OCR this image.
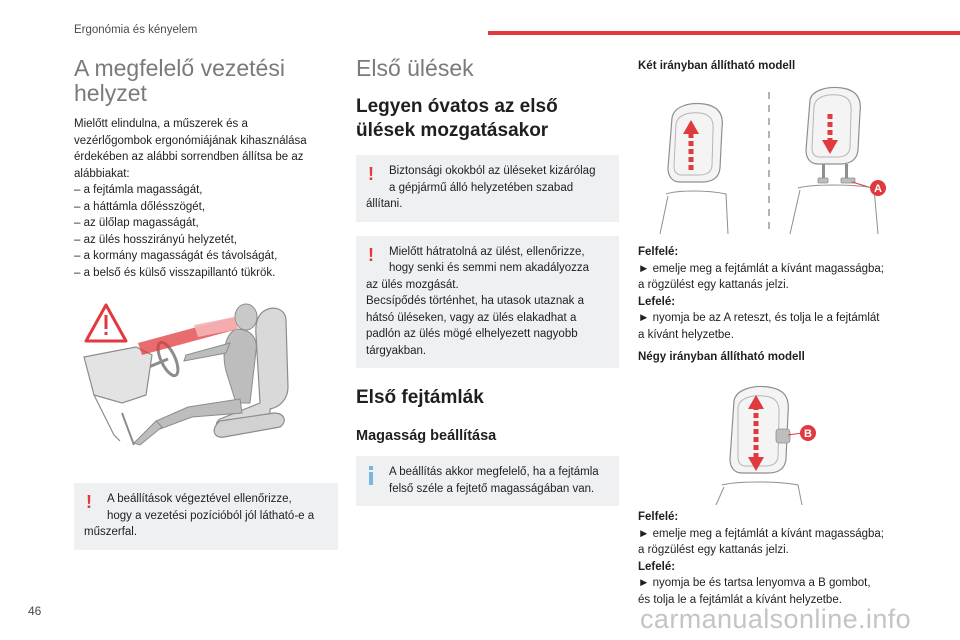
Ergonómia és kényelem
A megfelelő vezetési
helyzet
Mielőtt elindulna, a műszerek és a
vezérlőgombok ergonómiájának kihasználása
érdekében az alábbi sorrendben állítsa be az
alábbiakat:
– a fejtámla magasságát,
– a háttámla dőlésszögét,
– az ülőlap magasságát,
– az ülés hosszirányú helyzetét,
– a kormány magasságát és távolságát,
– a belső és külső visszapillantó tükrök.
! A beállítások végeztével ellenőrizze,

hogy a vezetési pozícióból jól látható-e a

műszerfal.

Első ülések
Legyen óvatos az első
ülések mozgatásakor
! Biztonsági okokból az üléseket kizárólag

a gépjármű álló helyzetében szabad

állítani.

! Mielőtt hátratolná az ülést, ellenőrizze,

hogy senki és semmi nem akadályozza

az ülés mozgását.

Becsípődés történhet, ha utasok utaznak a

hátsó üléseken, vagy az ülés elakadhat a

padlón az ülés mögé elhelyezett nagyobb

tárgyakban.

Első fejtámlák
Magasság beállítása

A beállítás akkor megfelelő, ha a fejtámla

felső széle a fejtető magasságában van.

Két irányban állítható modell
A
Felfelé:
► emelje meg a fejtámlát a kívánt magasságba;
a rögzülést egy kattanás jelzi.
Lefelé:
► nyomja be az A reteszt, és tolja le a fejtámlát
a kívánt helyzetbe.
Négy irányban állítható modell
B
Felfelé:
► emelje meg a fejtámlát a kívánt magasságba;
a rögzülést egy kattanás jelzi.
Lefelé:
► nyomja be és tartsa lenyomva a B gombot,
és tolja le a fejtámlát a kívánt helyzetbe.
46	carmanualsonline.info
